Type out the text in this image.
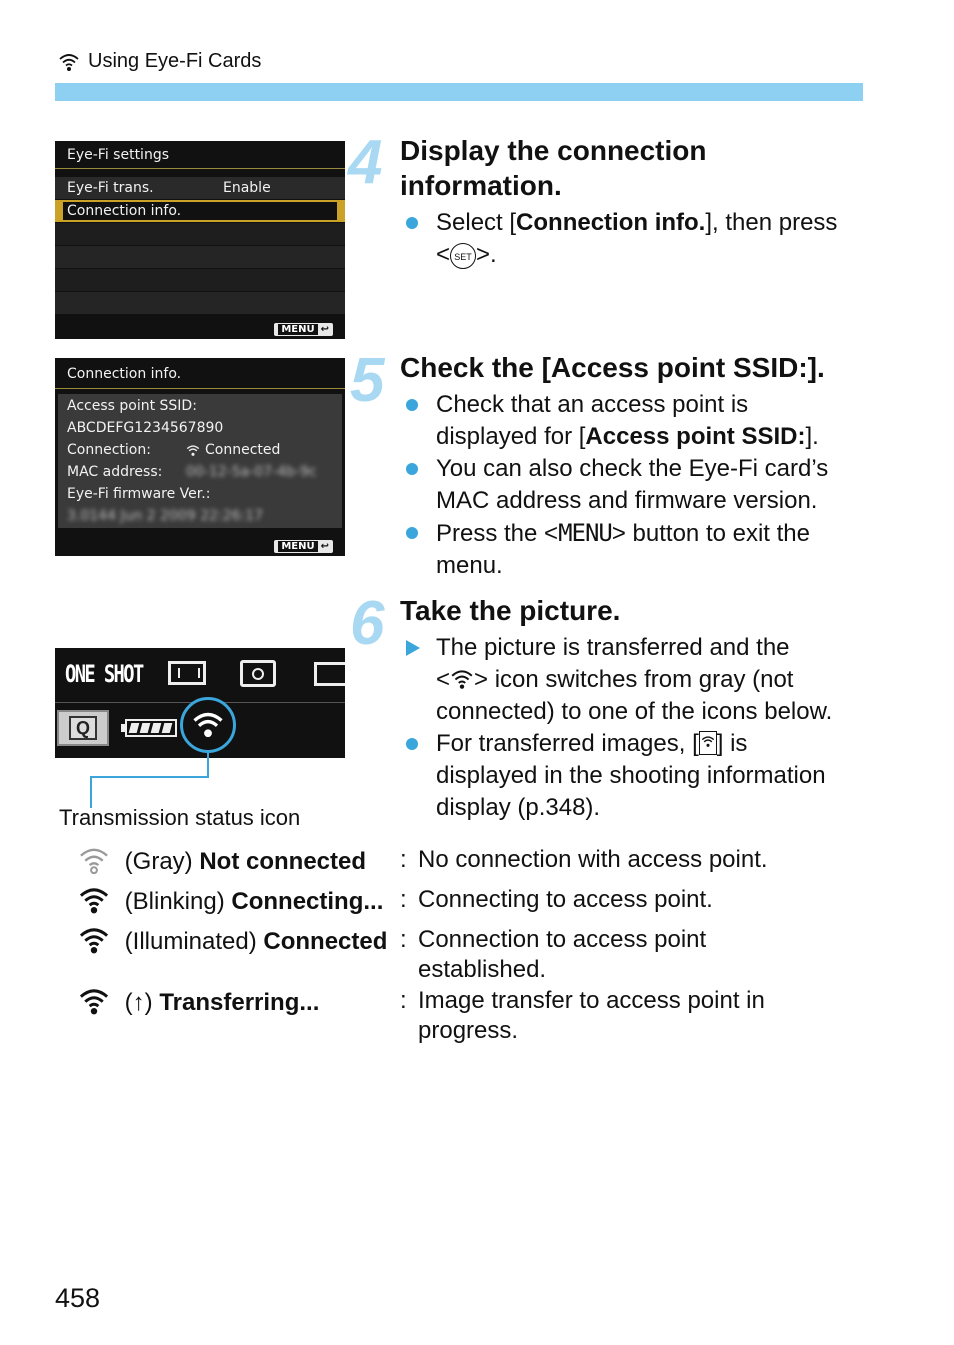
Using Eye-Fi Cards
Eye-Fi settings
Eye-Fi trans.	Enable
Connection info.
MENU ↩
Connection info.
Access point SSID:
ABCDEFG1234567890
Connection:	Connected
MAC address: 00-12-5a-07-4b-9c
Eye-Fi firmware Ver.:
3.0144 Jun 2 2009 22:26:17
MENU ↩
ONE SHOT
Q
Transmission status icon
4 Display the connection information.
Select [Connection info.], then press
< SET >.
5 Check the [Access point SSID:].
Check that an access point is
displayed for [Access point SSID:].
You can also check the Eye-Fi card’s
MAC address and firmware version.
Press the <MENU> button to exit the
menu.
6 Take the picture.
The picture is transferred and the
< > icon switches from gray (not
connected) to one of the icons below.
For transferred images, [ ] is
displayed in the shooting information
display (p.348).
(Gray) Not connected : No connection with access point.
(Blinking) Connecting... : Connecting to access point.
(Illuminated) Connected : Connection to access point
established.
(↑) Transferring...	: Image transfer to access point in
progress.
458
